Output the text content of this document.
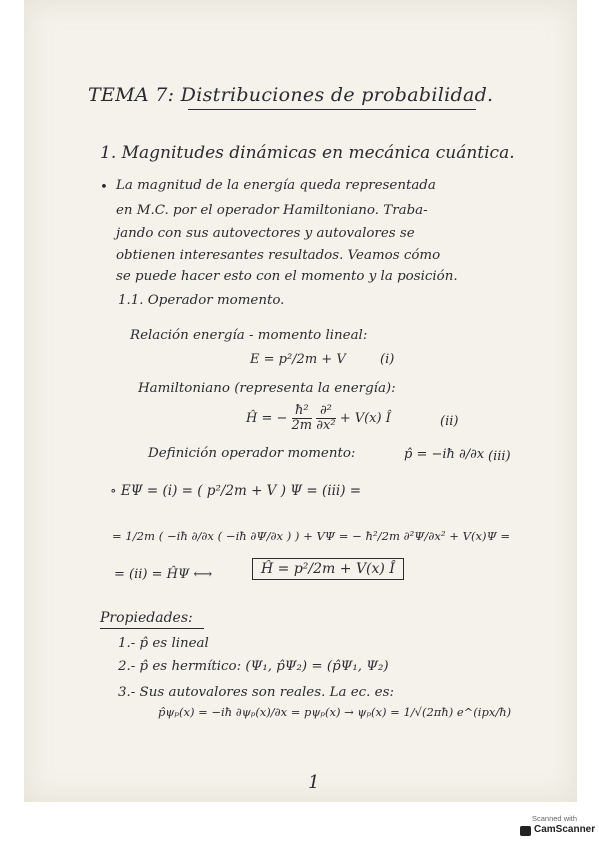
TEMA 7: Distribuciones de probabilidad.
1. Magnitudes dinámicas en mecánica cuántica.
• La magnitud de la energía queda representada
en M.C. por el operador Hamiltoniano. Traba-
jando con sus autovectores y autovalores se
obtienen interesantes resultados. Veamos cómo
se puede hacer esto con el momento y la posición.
1.1. Operador momento.
Relación energía - momento lineal:
E = p²/2m + V	(i)
Hamiltoniano (representa la energía):
Ĥ = − $\frac{\text{ħ²}}{2m}$
$\frac{\text{∂²}}{\text{∂x²}} + V(x)$ Î	(ii)
Definición operador momento:	p̂ = −iħ ∂/∂x (iii)
∘ EΨ = (i) = ( p²/2m + V ) Ψ = (iii) =
= 1/2m ( −iħ ∂/∂x ( −iħ ∂Ψ/∂x ) ) + VΨ = − ħ²/2m ∂²Ψ/∂x² + V(x)Ψ =
= (ii) = ĤΨ ⟷	Ĥ = p²/2m + V(x) Î
Propiedades:
1.- p̂ es lineal
2.- p̂ es hermítico: (Ψ₁, p̂Ψ₂) = (p̂Ψ₁, Ψ₂)
3.- Sus autovalores son reales. La ec. es:
p̂ψₚ(x) = −iħ ∂ψₚ(x)/∂x = pψₚ(x) → ψₚ(x) = 1/√(2πħ) e^(ipx/ħ)
1
Scanned with
CamScanner
